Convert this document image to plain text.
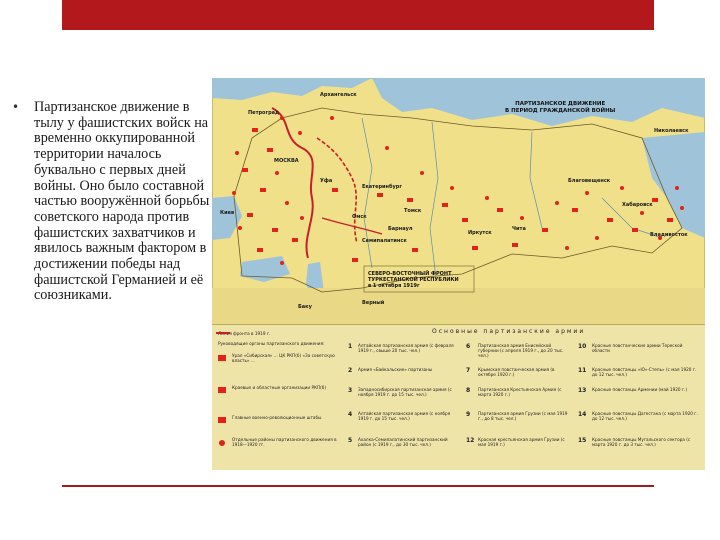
• Партизанское движение в тылу у фашистских войск на временно оккупированной территории началось буквально с первых дней войны. Оно было составной частью вооружённой борьбы советского народа против фашистских захватчиков и явилось важным фактором в достижении победы над фашистской Германией и её союзниками.
ПАРТИЗАНСКОЕ ДВИЖЕНИЕ
В ПЕРИОД ГРАЖДАНСКОЙ ВОЙНЫ
СЕВЕРО-ВОСТОЧНЫЙ ФРОНТ
ТУРКЕСТАНСКОЙ РЕСПУБЛИКИ
в 1 октября 1919г
МОСКВА
Екатеринбург
Томск
Омск
Семипалатинск
Барнаул
Владивосток
Николаевск
Хабаровск
Благовещенск
Уфа
Киев
Петроград
Архангельск
Иркутск
Чита
Баку
Верный
Основные партизанские армии
Линия фронта в 1919 г.
Руководящие органы партизанского движения:
Урал «Сибирская» ... ЦК РКП(б) «За советскую власть» ...
Краевые и областные организации РКП(б)
Главные военно-революционные штабы
Отдельные районы партизанского движения в 1918—1920 гг.
1 Алтайская партизанская армия (с февраля 1919 г., свыше 20 тыс. чел.)
2 Армия «Байкальские» партизаны
3 Западносибирская партизанская армия (с ноября 1919 г. до 15 тыс. чел.)
4 Алтайская партизанская армия (с ноября 1919 г. до 15 тыс. чел.)
5 Ахалка-Семипалатинский партизанский район (с 1919 г., до 30 тыс. чел.)
6 Партизанская армия Енисейской губернии (с апреля 1919 г., до 20 тыс. чел.)
7 Крымская повстанческая армия (в октябре 1920 г.)
8 Партизанская Крестьянская Армия (с марта 1920 г.)
9 Партизанская армия Грузии (с мая 1919 г., до 8 тыс. чел.)
12 Красная крестьянская армия Грузии (с мая 1919 г.)
10 Красные повстанческие армии Тереской области
11 Красные повстанцы «Ю»-Степь» (с мая 1920 г. до 12 тыс. чел.)
13 Красные повстанцы Армении (май 1920 г.)
14 Красные повстанцы Дагестана (с марта 1920 г. до 12 тыс. чел.)
15 Красные повстанцы Мугальского сектора (с марта 1920 г. до 3 тыс. чел.)
